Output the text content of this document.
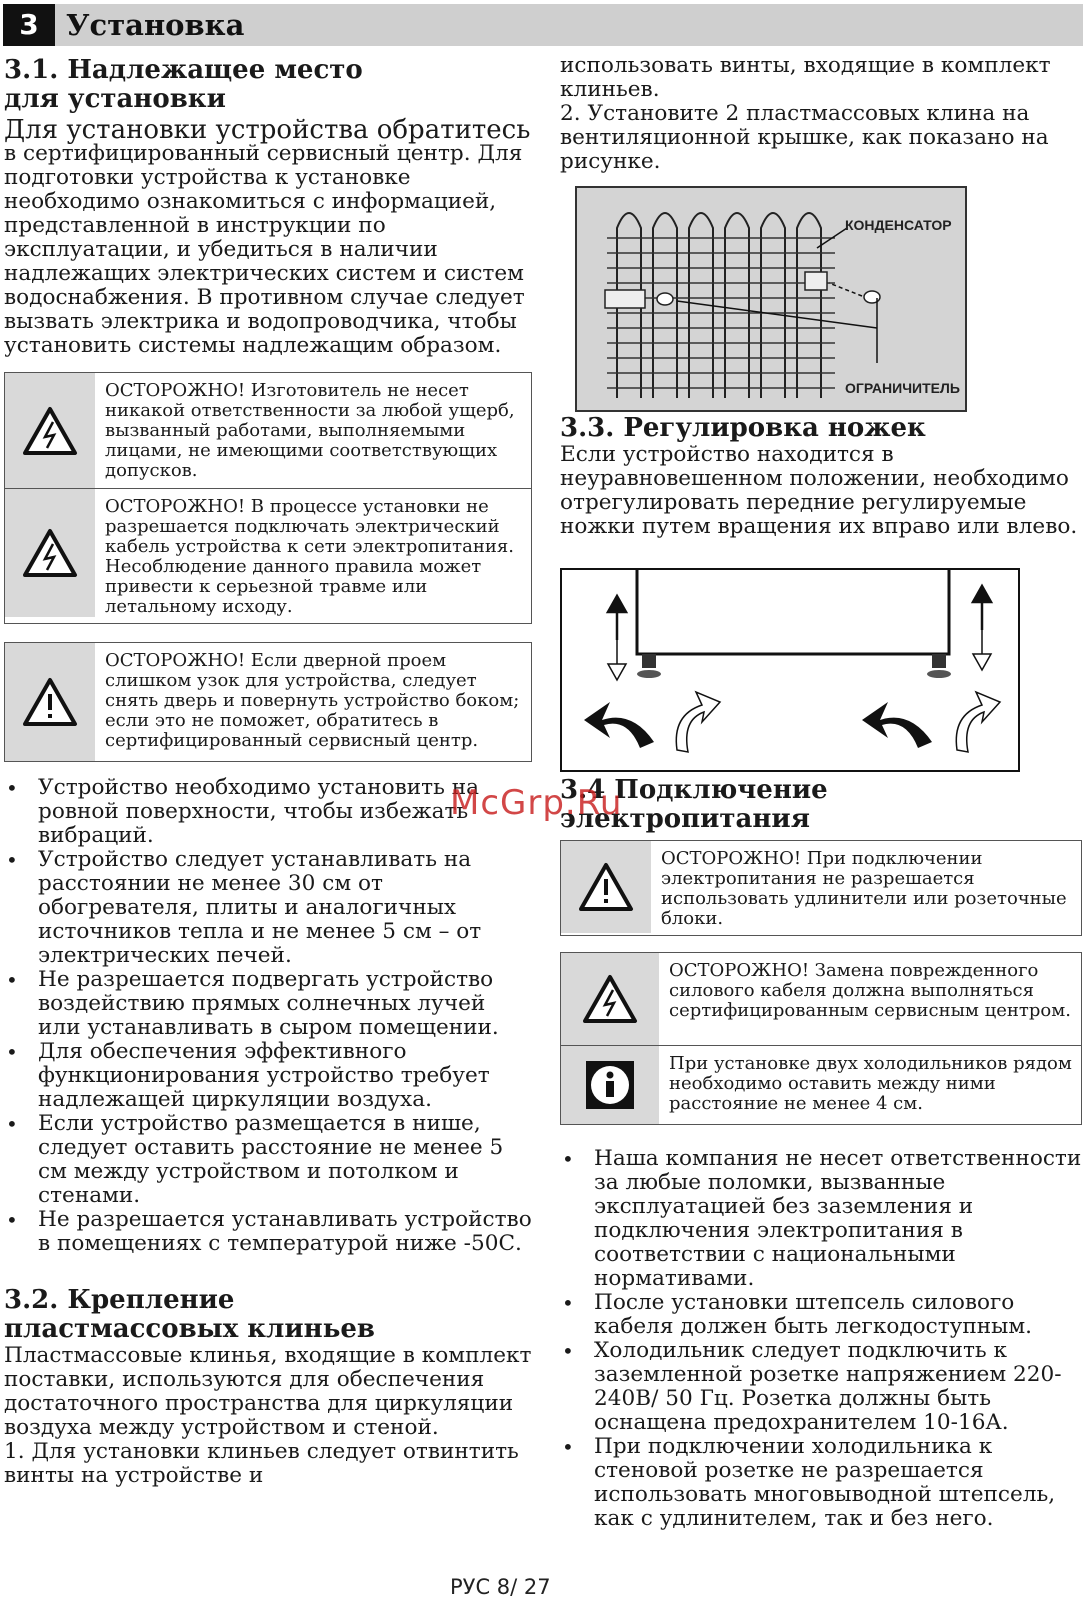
3 Установка
3.1. Надлежащее место для установки

Для установки устройства обратитесь

в сертифицированный сервисный центр. Для подготовки устройства к установке необходимо ознакомиться с информацией, представленной в инструкции по эксплуатации, и убедиться в наличии надлежащих электрических систем и систем водоснабжения. В противном случае следует вызвать электрика и водопроводчика, чтобы установить системы надлежащим образом.

ОСТОРОЖНО! Изготовитель не несет никакой ответственности за любой ущерб, вызванный работами, выполняемыми лицами, не имеющими соответствующих допусков.
ОСТОРОЖНО! В процессе установки не разрешается подключать электрический кабель устройства к сети электропитания. Несоблюдение данного правила может привести к серьезной травме или летальному исходу.
ОСТОРОЖНО! Если дверной проем слишком узок для устройства, следует снять дверь и повернуть устройство боком; если это не поможет, обратитесь в сертифицированный сервисный центр.
• Устройство необходимо установить на ровной поверхности, чтобы избежать вибраций.
• Устройство следует устанавливать на расстоянии не менее 30 см от обогревателя, плиты и аналогичных источников тепла и не менее 5 см – от электрических печей.
• Не разрешается подвергать устройство воздействию прямых солнечных лучей или устанавливать в сыром помещении.
• Для обеспечения эффективного функционирования устройство требует надлежащей циркуляции воздуха.
• Если устройство размещается в нише, следует оставить расстояние не менее 5 см между устройством и потолком и стенами.
• Не разрешается устанавливать устройство в помещениях с температурой ниже -50С.
3.2. Крепление пластмассовых клиньев

Пластмассовые клинья, входящие в комплект поставки, используются для обеспечения достаточного пространства для циркуляции воздуха между устройством и стеной.

1. Для установки клиньев следует отвинтить винты на устройстве и

использовать винты, входящие в комплект клиньев.

2. Установите 2 пластмассовых клина на вентиляционной крышке, как показано на рисунке.

КОНДЕНСАТОР
ОГРАНИЧИТЕЛЬ
3.3. Регулировка ножек

Если устройство находится в неуравновешенном положении, необходимо отрегулировать передние регулируемые ножки путем вращения их вправо или влево.

3.4 Подключение электропитания
ОСТОРОЖНО! При подключении электропитания не разрешается использовать удлинители или розеточные блоки.
ОСТОРОЖНО! Замена поврежденного силового кабеля должна выполняться сертифицированным сервисным центром.
При установке двух холодильников рядом необходимо оставить между ними расстояние не менее 4 см.
• Наша компания не несет ответственности за любые поломки, вызванные эксплуатацией без заземления и подключения электропитания в соответствии с национальными нормативами.
• После установки штепсель силового кабеля должен быть легкодоступным.
• Холодильник следует подключить к заземленной розетке напряжением 220-240В/ 50 Гц. Розетка должны быть оснащена предохранителем 10-16А.
• При подключении холодильника к стеновой розетке не разрешается использовать многовыводной штепсель, как с удлинителем, так и без него.
McGrp.Ru
РУС 8/ 27
